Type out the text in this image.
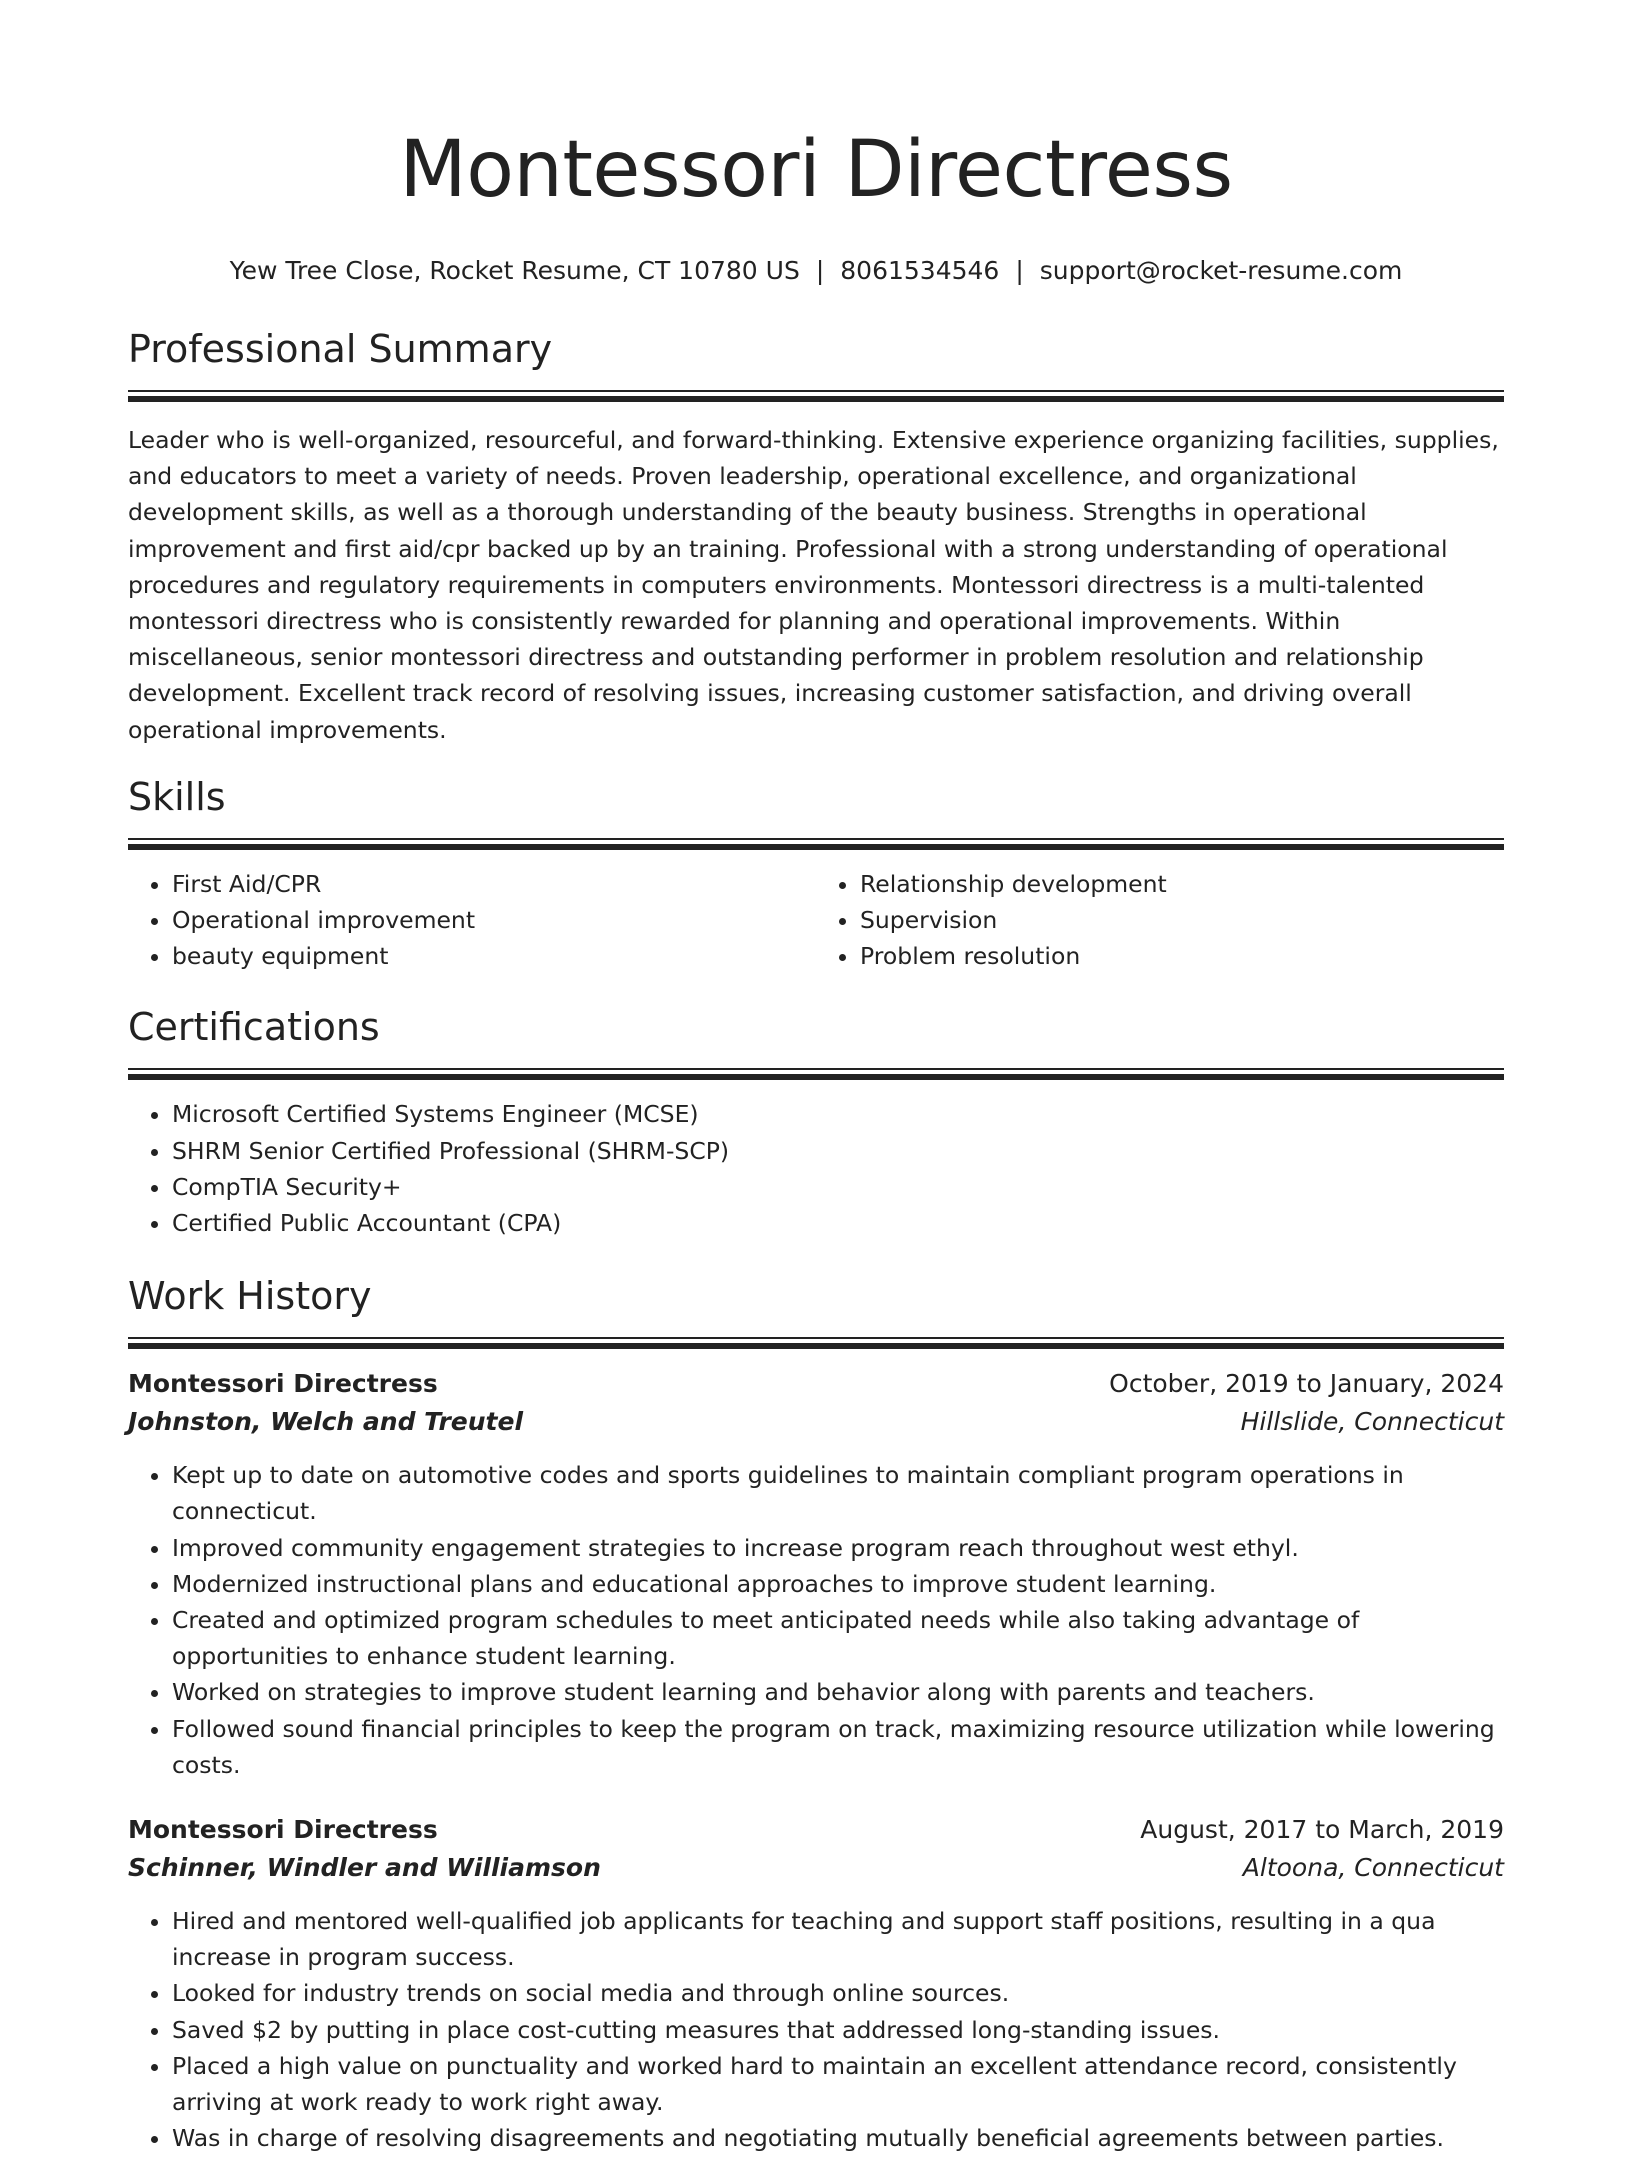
Montessori Directress
Yew Tree Close, Rocket Resume, CT 10780 US | 8061534546 | support@rocket-resume.com
Professional Summary

Leader who is well-organized, resourceful, and forward-thinking. Extensive experience organizing facilities, supplies, and educators to meet a variety of needs. Proven leadership, operational excellence, and organizational development skills, as well as a thorough understanding of the beauty business. Strengths in operational improvement and first aid/cpr backed up by an training. Professional with a strong understanding of operational procedures and regulatory requirements in computers environments. Montessori directress is a multi-talented montessori directress who is consistently rewarded for planning and operational improvements. Within miscellaneous, senior montessori directress and outstanding performer in problem resolution and relationship development. Excellent track record of resolving issues, increasing customer satisfaction, and driving overall operational improvements.

Skills
• First Aid/CPR
• Operational improvement
• beauty equipment
• Relationship development
• Supervision
• Problem resolution
Certifications
• Microsoft Certified Systems Engineer (MCSE)
• SHRM Senior Certified Professional (SHRM-SCP)
• CompTIA Security+
• Certified Public Accountant (CPA)
Work History
Montessori Directress	October, 2019 to January, 2024
Johnston, Welch and Treutel	Hillslide, Connecticut
• Kept up to date on automotive codes and sports guidelines to maintain compliant program operations in connecticut.
• Improved community engagement strategies to increase program reach throughout west ethyl.
• Modernized instructional plans and educational approaches to improve student learning.
• Created and optimized program schedules to meet anticipated needs while also taking advantage of opportunities to enhance student learning.
• Worked on strategies to improve student learning and behavior along with parents and teachers.
• Followed sound financial principles to keep the program on track, maximizing resource utilization while lowering costs.
Montessori Directress	August, 2017 to March, 2019
Schinner, Windler and Williamson	Altoona, Connecticut
• Hired and mentored well-qualified job applicants for teaching and support staff positions, resulting in a qua increase in program success.
• Looked for industry trends on social media and through online sources.
• Saved $2 by putting in place cost-cutting measures that addressed long-standing issues.
• Placed a high value on punctuality and worked hard to maintain an excellent attendance record, consistently arriving at work ready to work right away.
• Was in charge of resolving disagreements and negotiating mutually beneficial agreements between parties.
